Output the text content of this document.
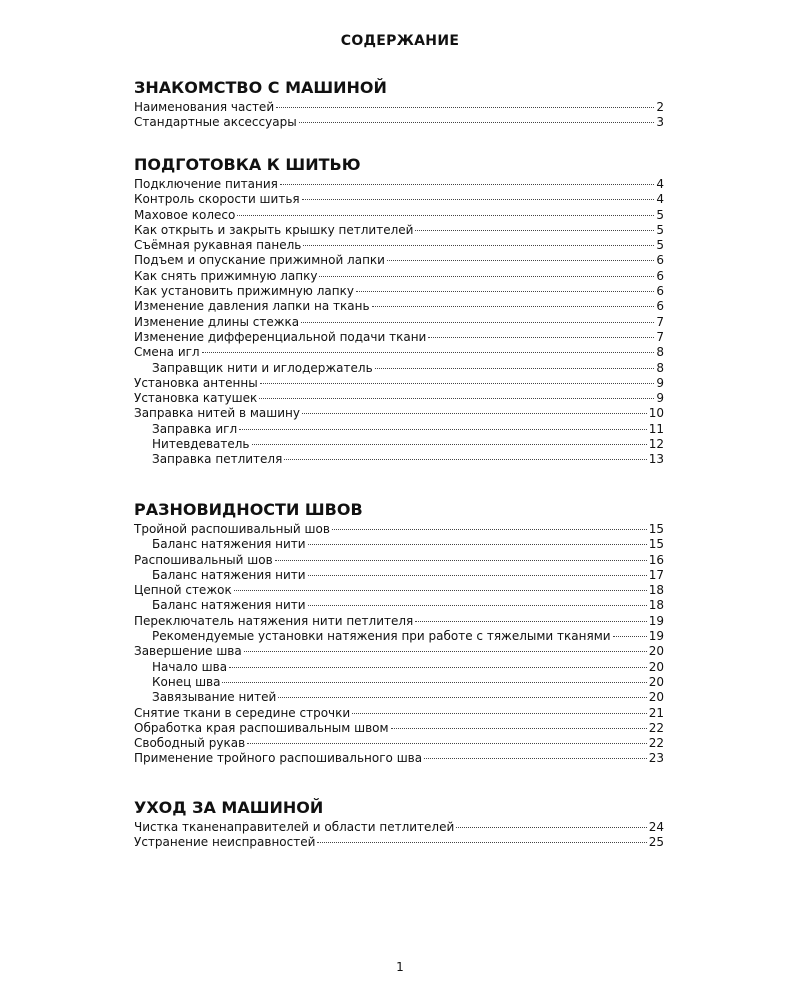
СОДЕРЖАНИЕ
ЗНАКОМСТВО С МАШИНОЙ
Наименования частей	2
Стандартные аксессуары	3
ПОДГОТОВКА К ШИТЬЮ
Подключение питания	4
Контроль скорости шитья	4
Маховое колесо	5
Как открыть и закрыть крышку петлителей	5
Съёмная рукавная панель	5
Подъем и опускание прижимной лапки	6
Как снять прижимную лапку	6
Как установить прижимную лапку	6
Изменение давления лапки на ткань	6
Изменение длины стежка	7
Изменение дифференциальной подачи ткани	7
Смена игл	8
Заправщик нити и иглодержатель	8
Установка антенны	9
Установка катушек	9
Заправка нитей в машину	10
Заправка игл	11
Нитевдеватель	12
Заправка петлителя	13
РАЗНОВИДНОСТИ ШВОВ
Тройной распошивальный шов	15
Баланс натяжения нити	15
Распошивальный шов	16
Баланс натяжения нити	17
Цепной стежок	18
Баланс натяжения нити	18
Переключатель натяжения нити петлителя	19
Рекомендуемые установки натяжения при работе с тяжелыми тканями	19
Завершение шва	20
Начало шва	20
Конец шва	20
Завязывание нитей	20
Снятие ткани в середине строчки	21
Обработка края распошивальным швом	22
Свободный рукав	22
Применение тройного распошивального шва	23
УХОД ЗА МАШИНОЙ
Чистка тканенаправителей и области петлителей	24
Устранение неисправностей	25
1
